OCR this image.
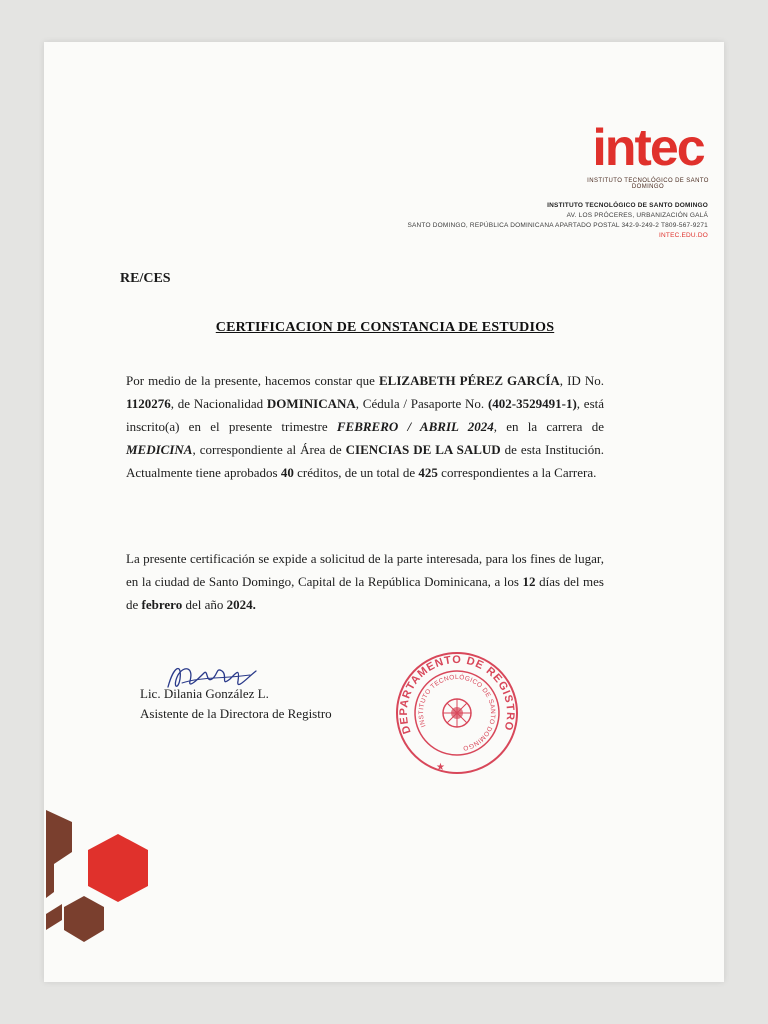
intec
INSTITUTO TECNOLÓGICO DE SANTO DOMINGO
INSTITUTO TECNOLÓGICO DE SANTO DOMINGO
AV. LOS PRÓCERES, URBANIZACIÓN GALÁ
SANTO DOMINGO, REPÚBLICA DOMINICANA APARTADO POSTAL 342-9-249-2 T809-567-9271
INTEC.EDU.DO
RE/CES
CERTIFICACION DE CONSTANCIA DE ESTUDIOS

Por medio de la presente, hacemos constar que ELIZABETH PÉREZ GARCÍA, ID No. 1120276, de Nacionalidad DOMINICANA, Cédula / Pasaporte No. (402-3529491-1), está inscrito(a) en el presente trimestre FEBRERO / ABRIL 2024, en la carrera de MEDICINA, correspondiente al Área de CIENCIAS DE LA SALUD de esta Institución. Actualmente tiene aprobados 40 créditos, de un total de 425 correspondientes a la Carrera.

La presente certificación se expide a solicitud de la parte interesada, para los fines de lugar, en la ciudad de Santo Domingo, Capital de la República Dominicana, a los 12 días del mes de febrero del año 2024.

Lic. Dilania González L.
Asistente de la Directora de Registro
DEPARTAMENTO DE REGISTRO
INSTITUTO TECNOLÓGICO DE SANTO DOMINGO
★
